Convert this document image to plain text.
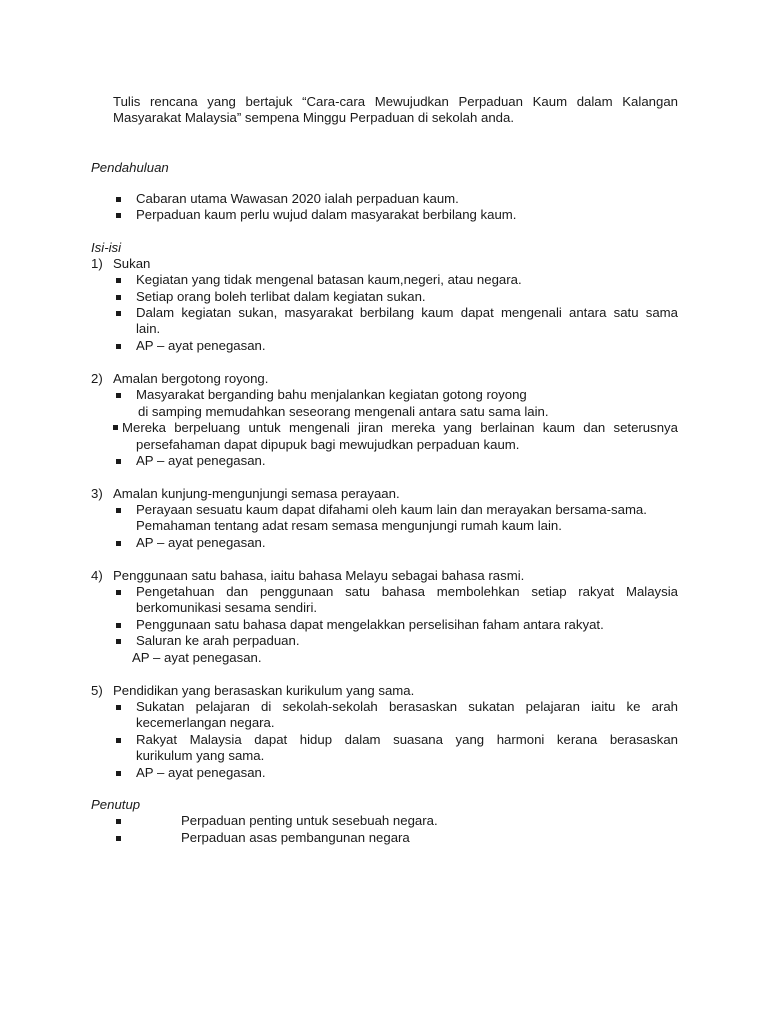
Tulis rencana yang bertajuk “Cara-cara Mewujudkan Perpaduan Kaum dalam Kalangan
Masyarakat Malaysia” sempena Minggu Perpaduan di sekolah anda.
Pendahuluan
Cabaran utama Wawasan 2020 ialah perpaduan kaum.
Perpaduan kaum perlu wujud dalam masyarakat berbilang kaum.
Isi-isi
1) Sukan
Kegiatan yang tidak mengenal batasan kaum,negeri, atau negara.
Setiap orang boleh terlibat dalam kegiatan sukan.
Dalam kegiatan sukan, masyarakat berbilang kaum dapat mengenali antara satu sama
lain.
AP – ayat penegasan.
2) Amalan bergotong royong.
Masyarakat berganding bahu menjalankan kegiatan gotong royong
di samping memudahkan seseorang mengenali antara satu sama lain.
Mereka berpeluang untuk mengenali jiran mereka yang berlainan kaum dan seterusnya
persefahaman dapat dipupuk bagi mewujudkan perpaduan kaum.
AP – ayat penegasan.
3) Amalan kunjung-mengunjungi semasa perayaan.
Perayaan sesuatu kaum dapat difahami oleh kaum lain dan merayakan bersama-sama.
Pemahaman tentang adat resam semasa mengunjungi rumah kaum lain.
AP – ayat penegasan.
4) Penggunaan satu bahasa, iaitu bahasa Melayu sebagai bahasa rasmi.
Pengetahuan dan penggunaan satu bahasa membolehkan setiap rakyat Malaysia
berkomunikasi sesama sendiri.
Penggunaan satu bahasa dapat mengelakkan perselisihan faham antara rakyat.
Saluran ke arah perpaduan.
AP – ayat penegasan.
5) Pendidikan yang berasaskan kurikulum yang sama.
Sukatan pelajaran di sekolah-sekolah berasaskan sukatan pelajaran iaitu ke arah
kecemerlangan negara.
Rakyat Malaysia dapat hidup dalam suasana yang harmoni kerana berasaskan
kurikulum yang sama.
AP – ayat penegasan.
Penutup
Perpaduan penting untuk sesebuah negara.
Perpaduan asas pembangunan negara
